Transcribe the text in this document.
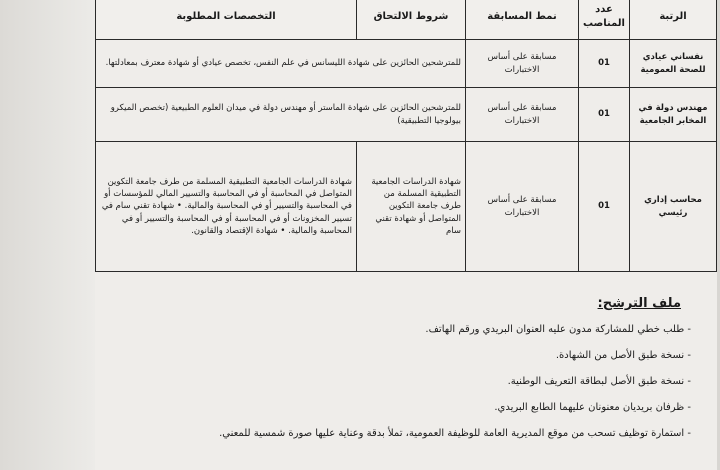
الرتبة	عدد المناصب	نمط المسابقة	شروط الالتحاق	التخصصات المطلوبة
نفساني عيادي للصحة العمومية	01	مسابقة على أساس الاختبارات	للمترشحين الحائزين على شهادة الليسانس في علم النفس، تخصص عيادي أو شهادة معترف بمعادلتها.	
مهندس دولة في المخابر الجامعية	01	مسابقة على أساس الاختبارات	للمترشحين الحائزين على شهادة الماستر أو مهندس دولة في ميدان العلوم الطبيعية (تخصص الميكرو بيولوجيا التطبيقية)	
محاسب إداري رئيسي	01	مسابقة على أساس الاختبارات	شهادة الدراسات الجامعية التطبيقية المسلمة من طرف جامعة التكوين المتواصل أو شهادة تقني سام	شهادة الدراسات الجامعية التطبيقية المسلمة من طرف جامعة التكوين المتواصل في المحاسبة أو في المحاسبة والتسيير المالي للمؤسسات أو في المحاسبة والتسيير أو في المحاسبة والمالية. • شهادة تقني سام في تسيير المخزونات أو في المحاسبة أو في المحاسبة والتسيير أو في المحاسبة والمالية. • شهادة الإقتصاد والقانون.
ملف الترشح:
- طلب خطي للمشاركة مدون عليه العنوان البريدي ورقم الهاتف.
- نسخة طبق الأصل من الشهادة.
- نسخة طبق الأصل لبطاقة التعريف الوطنية.
- ظرفان بريديان معنونان عليهما الطابع البريدي.
- استمارة توظيف تسحب من موقع المديرية العامة للوظيفة العمومية، تملأ بدقة وعناية عليها صورة شمسية للمعني.
